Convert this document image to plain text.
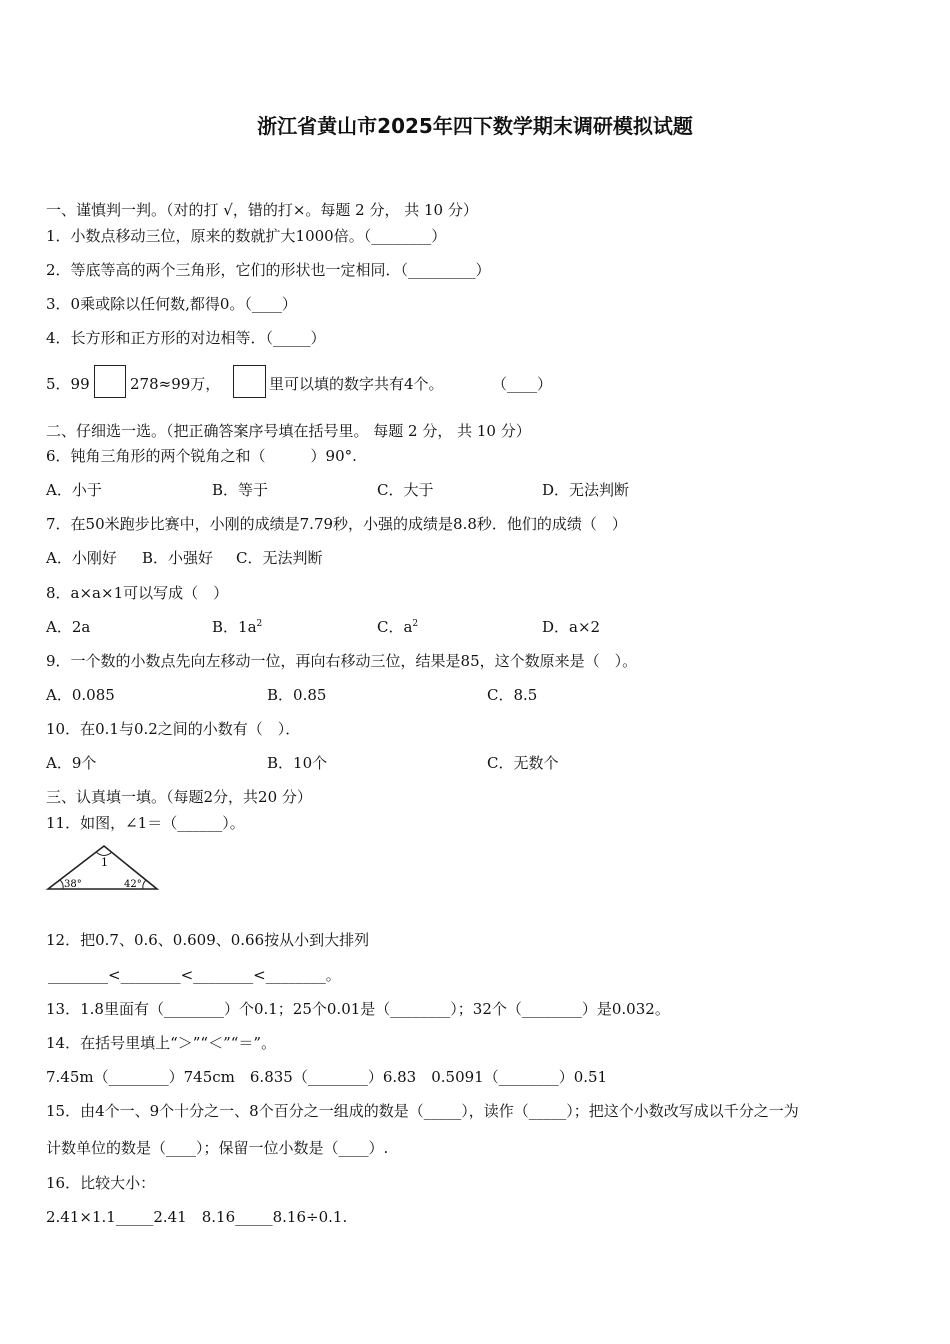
浙江省黄山市2025年四下数学期末调研模拟试题
一、谨慎判一判。（对的打 √，错的打×。每题 2 分， 共 10 分）
1．小数点移动三位，原来的数就扩大1000倍。（________）
2．等底等高的两个三角形，它们的形状也一定相同．（_________）
3．0乘或除以任何数,都得0。（____）
4．长方形和正方形的对边相等．（_____）
5．99	278≈99万，	里可以填的数字共有4个。	（____）
二、仔细选一选。（把正确答案序号填在括号里。 每题 2 分， 共 10 分）
6．钝角三角形的两个锐角之和（　　　）90°.
A．小于	B．等于	C．大于	D．无法判断
7．在50米跑步比赛中，小刚的成绩是7.79秒，小强的成绩是8.8秒．他们的成绩（　）
A．小刚好 B．小强好 C．无法判断
8．a×a×1可以写成（　）
A．2a	B．$1a^2$	C．$a^2$	D．a×2
9．一个数的小数点先向左移动一位，再向右移动三位，结果是85，这个数原来是（　）。
A．0.085	B．0.85	C．8.5
10．在0.1与0.2之间的小数有（　）．
A．9个	B．10个	C．无数个
三、认真填一填。（每题2分，共20 分）
11．如图，∠1＝（______）。
1
38°	42°
12．把0.7、0.6、0.609、0.66按从小到大排列
________<________<________<________。
13．1.8里面有（________）个0.1；25个0.01是（________）；32个（________）是0.032。
14．在括号里填上“＞”“＜”“＝”。
7.45m（________）745cm　6.835（________）6.83　0.5091（________）0.51
15．由4个一、9个十分之一、8个百分之一组成的数是（_____），读作（_____）；把这个小数改写成以千分之一为
计数单位的数是（____）；保留一位小数是（____）.
16．比较大小：
2.41×1.1_____2.41　8.16_____8.16÷0.1.
